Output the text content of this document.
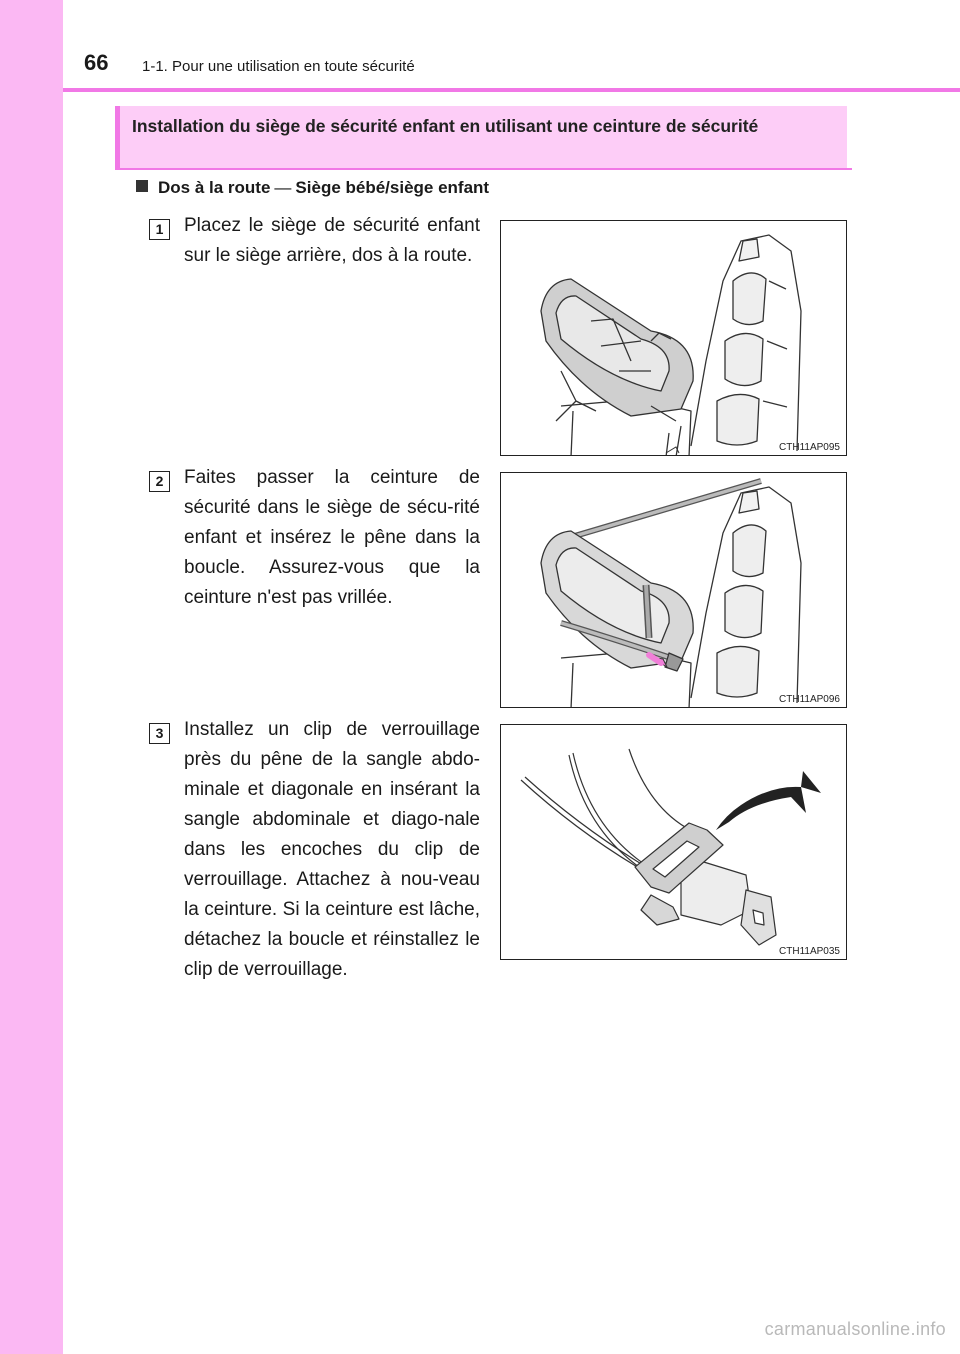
66 1-1. Pour une utilisation en toute sécurité
Installation du siège de sécurité enfant en utilisant une ceinture de sécurité
Dos à la route — Siège bébé/siège enfant
1	Placez le siège de sécurité enfant sur le siège arrière, dos à la route.
CTH11AP095
2	Faites passer la ceinture de sécurité dans le siège de sécu-rité enfant et insérez le pêne dans la boucle. Assurez-vous que la ceinture n'est pas vrillée.
CTH11AP096
3	Installez un clip de verrouillage près du pêne de la sangle abdo-minale et diagonale en insérant la sangle abdominale et diago-nale dans les encoches du clip de verrouillage. Attachez à nou-veau la ceinture. Si la ceinture est lâche, détachez la boucle et réinstallez le clip de verrouillage.
CTH11AP035
carmanualsonline.info
